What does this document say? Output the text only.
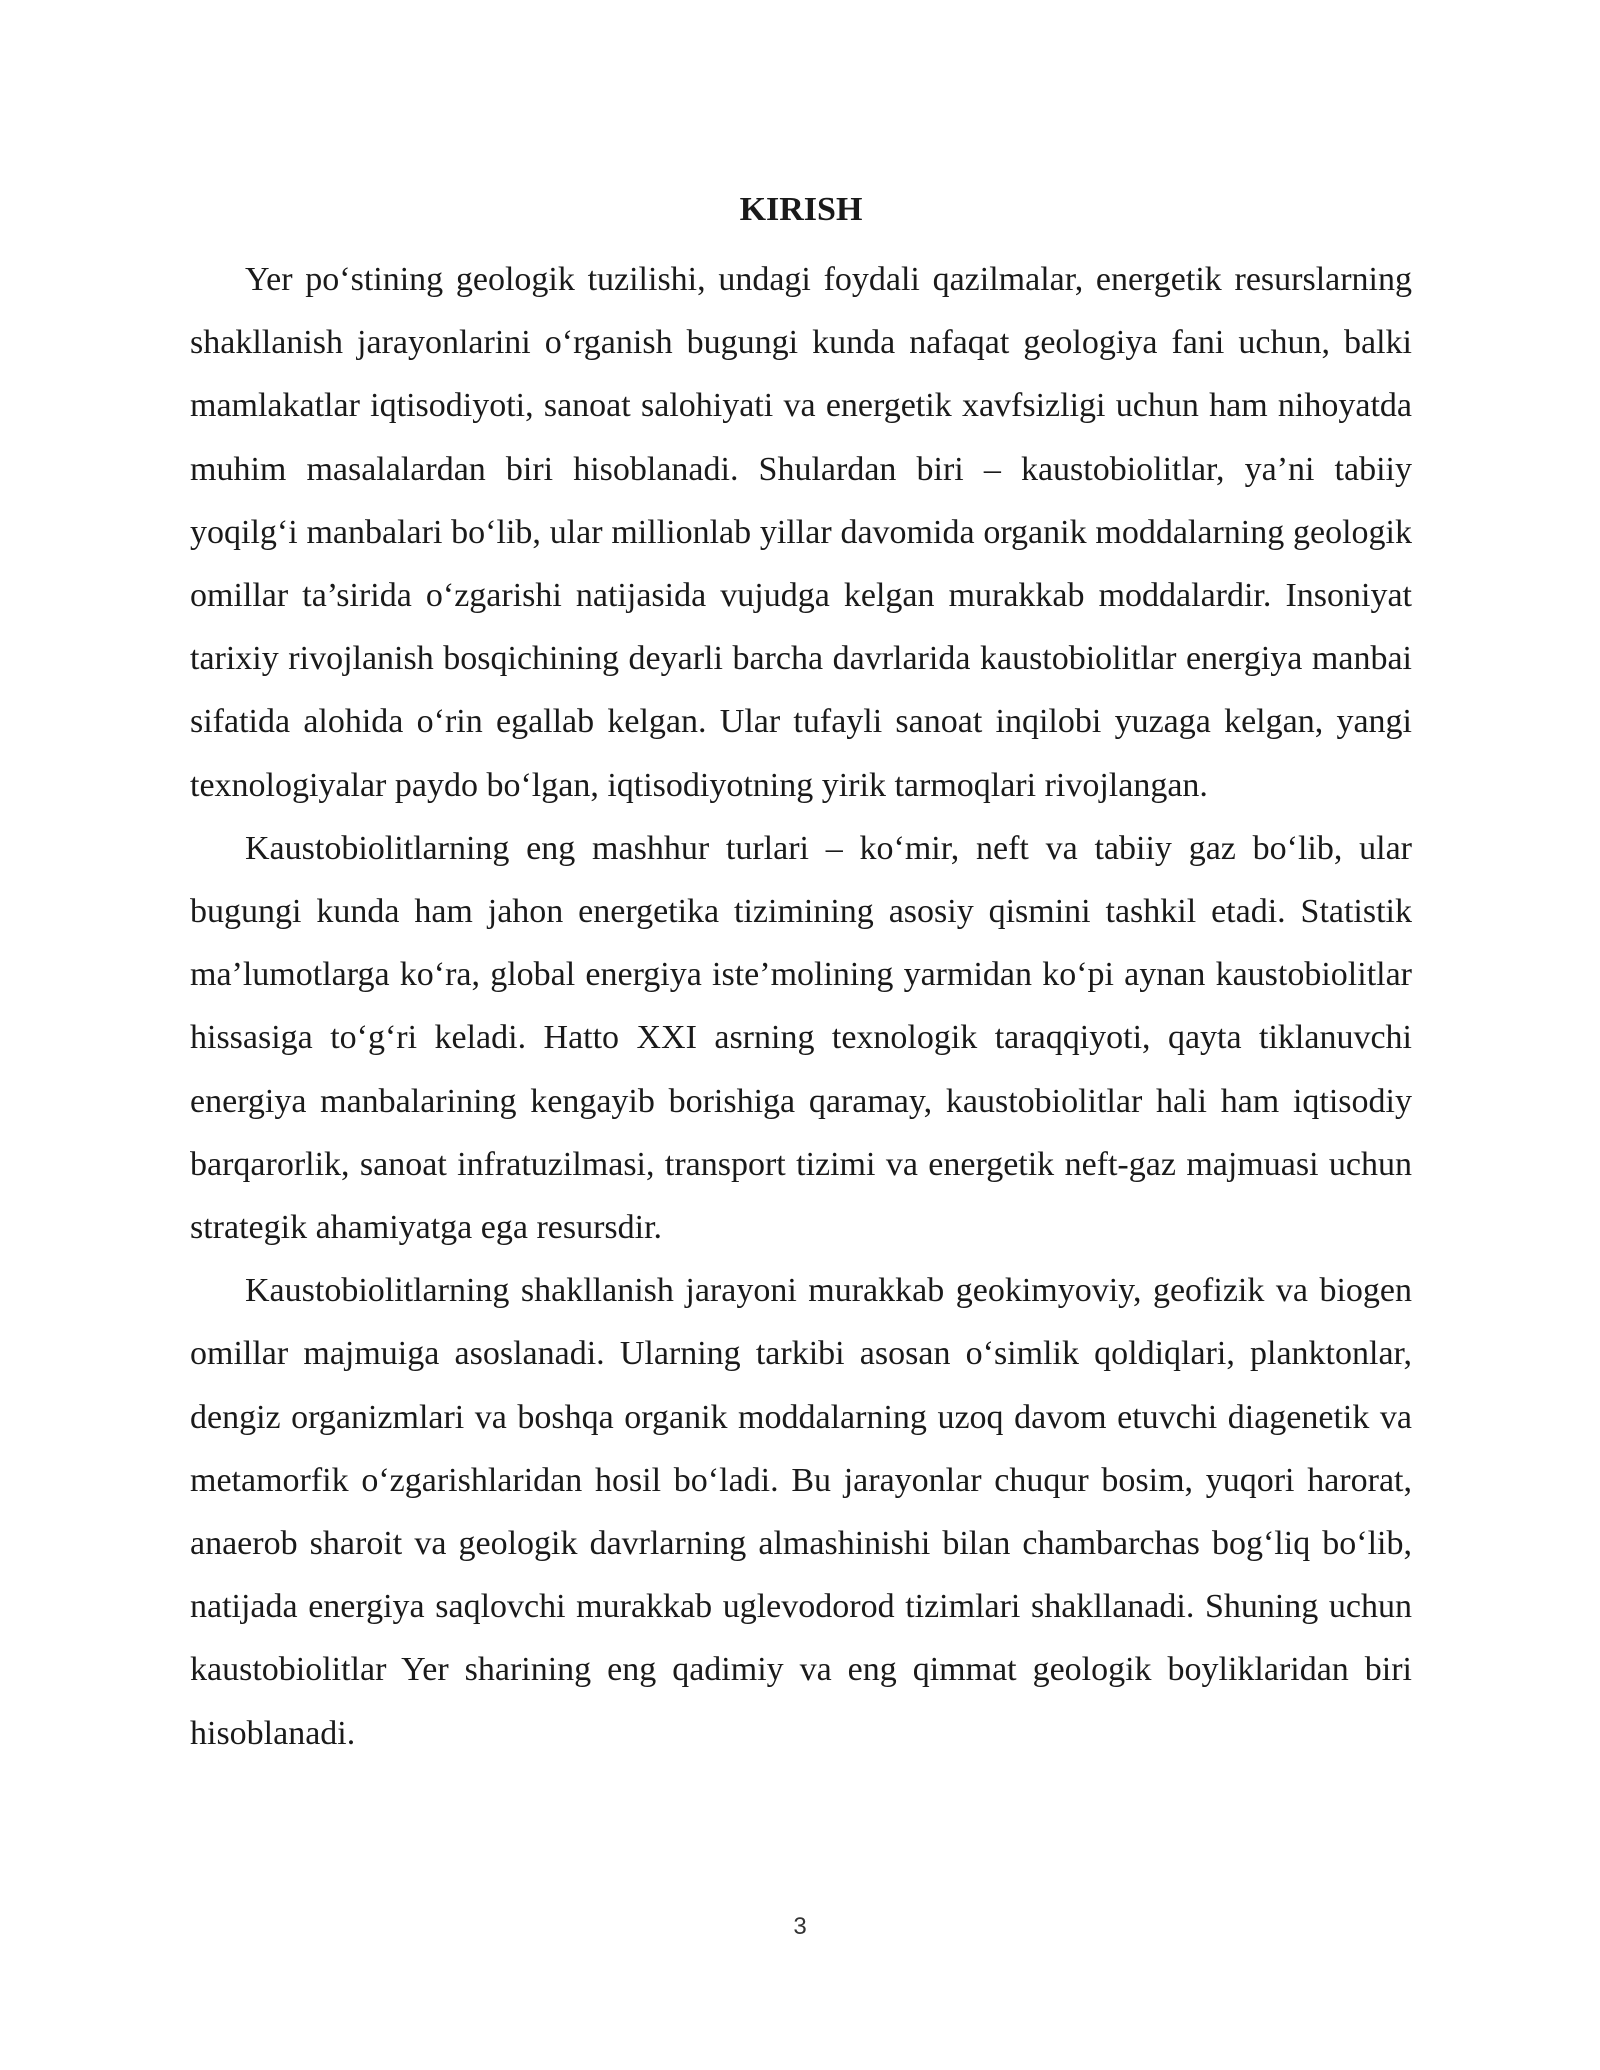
KIRISH

Yer po‘stining geologik tuzilishi, undagi foydali qazilmalar, energetik resurslarning shakllanish jarayonlarini o‘rganish bugungi kunda nafaqat geologiya fani uchun, balki mamlakatlar iqtisodiyoti, sanoat salohiyati va energetik xavfsizligi uchun ham nihoyatda muhim masalalardan biri hisoblanadi. Shulardan biri – kaustobiolitlar, ya’ni tabiiy yoqilg‘i manbalari bo‘lib, ular millionlab yillar davomida organik moddalarning geologik omillar ta’sirida o‘zgarishi natijasida vujudga kelgan murakkab moddalardir. Insoniyat tarixiy rivojlanish bosqichining deyarli barcha davrlarida kaustobiolitlar energiya manbai sifatida alohida o‘rin egallab kelgan. Ular tufayli sanoat inqilobi yuzaga kelgan, yangi texnologiyalar paydo bo‘lgan, iqtisodiyotning yirik tarmoqlari rivojlangan.

Kaustobiolitlarning eng mashhur turlari – ko‘mir, neft va tabiiy gaz bo‘lib, ular bugungi kunda ham jahon energetika tizimining asosiy qismini tashkil etadi. Statistik ma’lumotlarga ko‘ra, global energiya iste’molining yarmidan ko‘pi aynan kaustobiolitlar hissasiga to‘g‘ri keladi. Hatto XXI asrning texnologik taraqqiyoti, qayta tiklanuvchi energiya manbalarining kengayib borishiga qaramay, kaustobiolitlar hali ham iqtisodiy barqarorlik, sanoat infratuzilmasi, transport tizimi va energetik neft-gaz majmuasi uchun strategik ahamiyatga ega resursdir.

Kaustobiolitlarning shakllanish jarayoni murakkab geokimyoviy, geofizik va biogen omillar majmuiga asoslanadi. Ularning tarkibi asosan o‘simlik qoldiqlari, planktonlar, dengiz organizmlari va boshqa organik moddalarning uzoq davom etuvchi diagenetik va metamorfik o‘zgarishlaridan hosil bo‘ladi. Bu jarayonlar chuqur bosim, yuqori harorat, anaerob sharoit va geologik davrlarning almashinishi bilan chambarchas bog‘liq bo‘lib, natijada energiya saqlovchi murakkab uglevodorod tizimlari shakllanadi. Shuning uchun kaustobiolitlar Yer sharining eng qadimiy va eng qimmat geologik boyliklaridan biri hisoblanadi.

3
